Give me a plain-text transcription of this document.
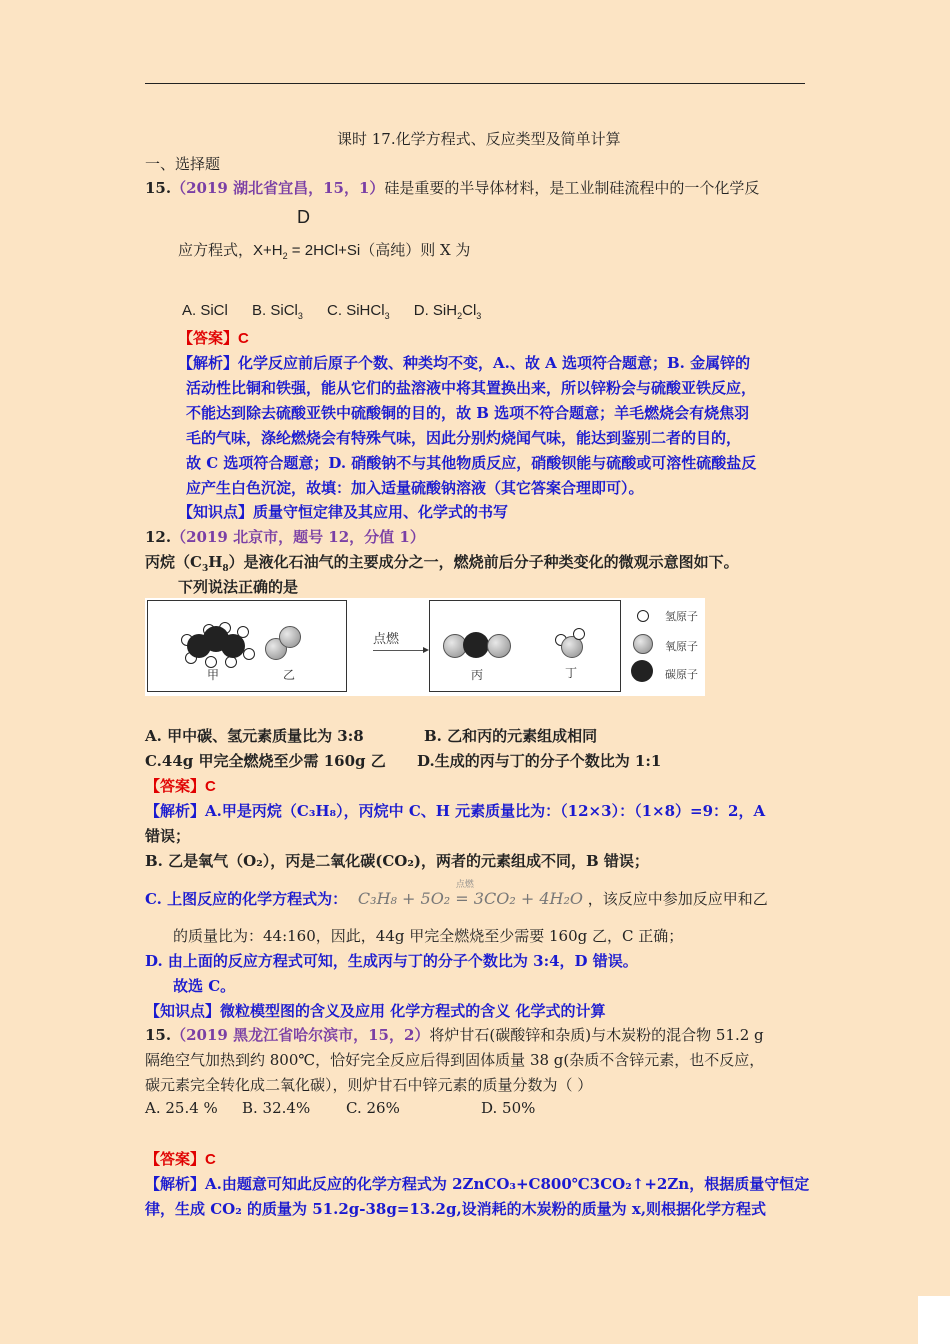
课时 17.化学方程式、反应类型及简单计算
一、选择题
15.（2019 湖北省宜昌，15，1）硅是重要的半导体材料，是工业制硅流程中的一个化学反
D
应方程式，$X+H_2 = 2HCl+Si$（高纯）则 X 为
A. SiCl B. SiCl$_3$ C. SiHCl$_3$ D. $SiH_2Cl_3$
【答案】C
【解析】化学反应前后原子个数、种类均不变，A.、故 A 选项符合题意；B. 金属锌的
活动性比铜和铁强，能从它们的盐溶液中将其置换出来，所以锌粉会与硫酸亚铁反应，
不能达到除去硫酸亚铁中硫酸铜的目的，故 B 选项不符合题意；羊毛燃烧会有烧焦羽
毛的气味，涤纶燃烧会有特殊气味，因此分别灼烧闻气味，能达到鉴别二者的目的，
故 C 选项符合题意；D. 硝酸钠不与其他物质反应，硝酸钡能与硫酸或可溶性硫酸盐反
应产生白色沉淀，故填：加入适量硫酸钠溶液（其它答案合理即可）。
【知识点】质量守恒定律及其应用、化学式的书写
12.（2019 北京市，题号 12，分值 1）
丙烷$(C_3H_8)$是液化石油气的主要成分之一，燃烧前后分子种类变化的微观示意图如下。
下列说法正确的是
甲	乙
点燃
丙	丁
氢原子
氧原子
碳原子
A. 甲中碳、氢元素质量比为 3:8	B. 乙和丙的元素组成相同
C.44g 甲完全燃烧至少需 160g 乙 D.生成的丙与丁的分子个数比为 1:1
【答案】C
【解析】A.甲是丙烷（C₃H₈），丙烷中 C、H 元素质量比为：（12×3）：（1×8）=9：2，A
错误；
B. 乙是氧气（O₂），丙是二氧化碳(CO₂)，两者的元素组成不同，B 错误；
C. 上图反应的化学方程式为：
点燃
C₃H₈ + 5O₂ = 3CO₂ + 4H₂O ，该反应中参加反应甲和乙
的质量比为：44:160，因此，44g 甲完全燃烧至少需要 160g 乙，C 正确；
D. 由上面的反应方程式可知，生成丙与丁的分子个数比为 3:4，D 错误。
故选 C。
【知识点】微粒模型图的含义及应用 化学方程式的含义 化学式的计算
15.（2019 黑龙江省哈尔滨市，15，2）将炉甘石(碳酸锌和杂质)与木炭粉的混合物 51.2 g
隔绝空气加热到约 800℃，恰好完全反应后得到固体质量 38 g(杂质不含锌元素，也不反应，
碳元素完全转化成二氧化碳），则炉甘石中锌元素的质量分数为（ ）
A. 25.4 % B. 32.4% C. 26%	D. 50%
【答案】C
【解析】A.由题意可知此反应的化学方程式为 2ZnCO₃+C800℃3CO₂↑+2Zn，根据质量守恒定
律，生成 CO₂ 的质量为 51.2g-38g=13.2g,设消耗的木炭粉的质量为 x,则根据化学方程式
